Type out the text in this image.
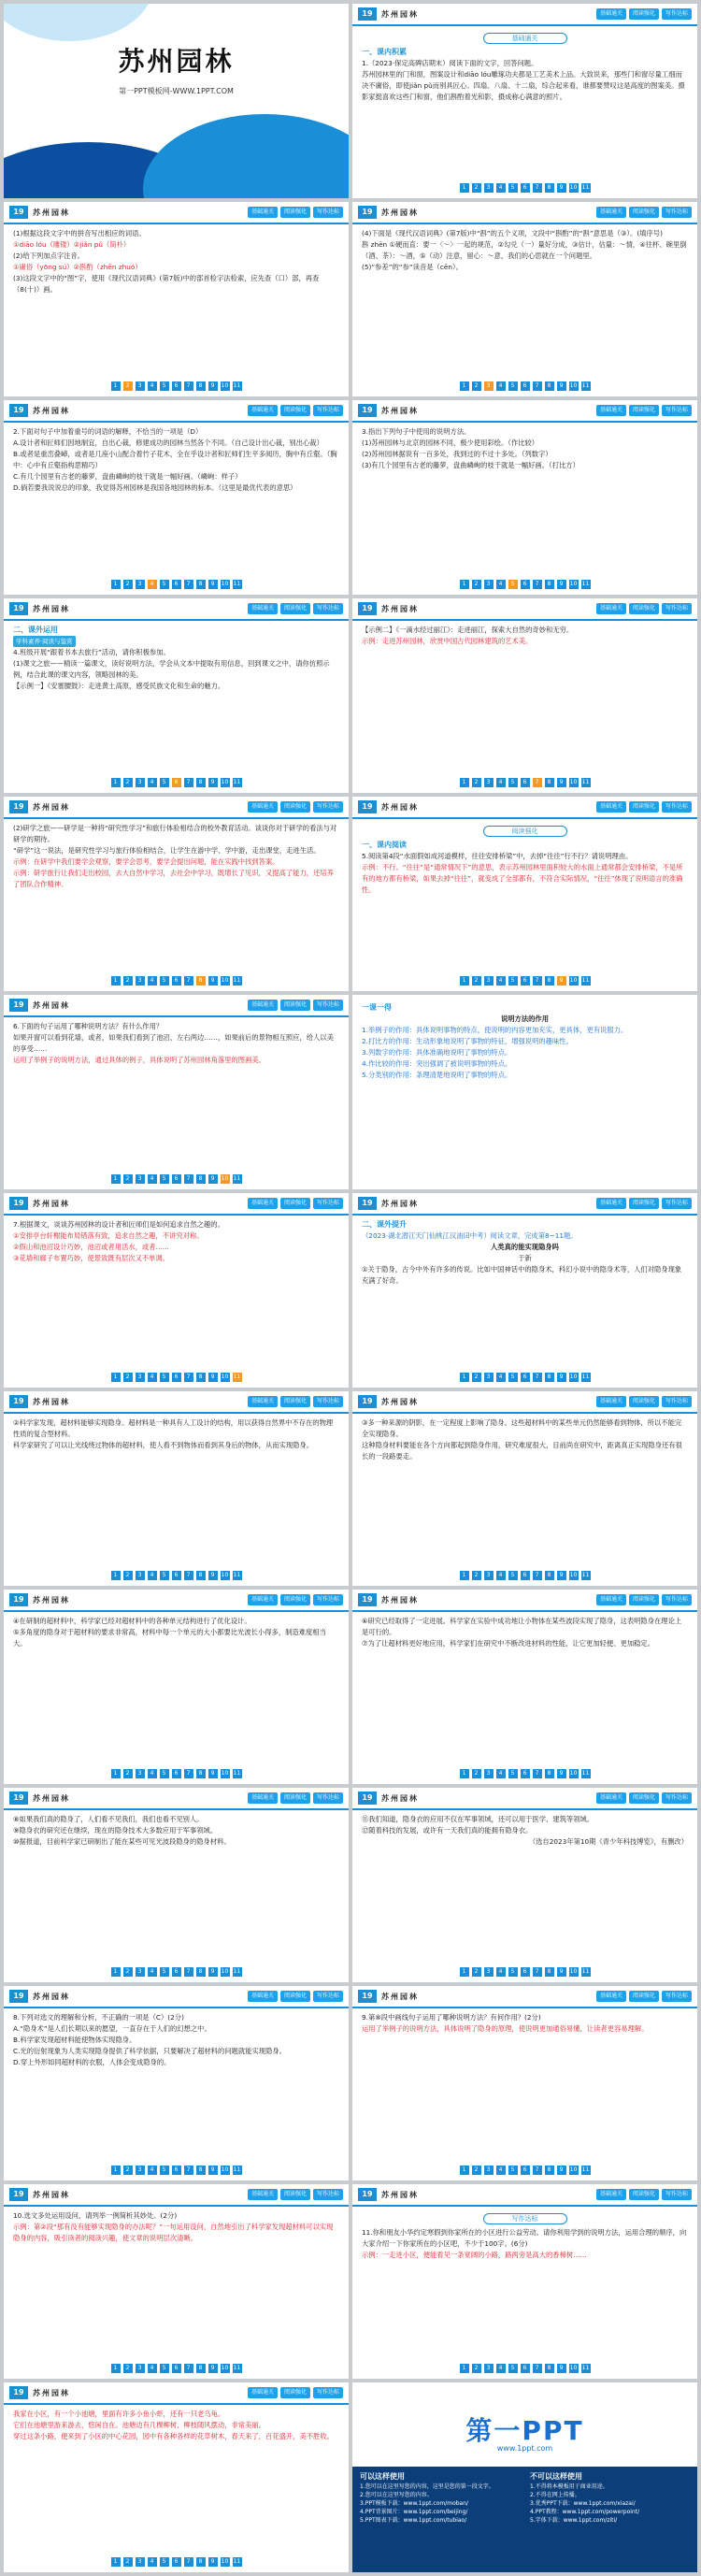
苏州园林
第一PPT模板网-WWW.1PPT.COM
19	苏州园林	基础通关	阅读强化	写作达标
基础通关

一、课内积累

1.（2023·保定高碑店期末）阅读下面的文字，回答问题。

苏州园林里的门和窗，图案设计和diāo lóu雕琢功夫都是工艺美术上品。大致说来，那些门和窗尽量工细而决不庸俗，即使jiǎn pǔ而别具匠心。四扇、八扇、十二扇，综合起来看，谁都要赞叹这是高度的图案美。摄影家挺喜欢这些门和窗，他们斟酌着光和影，摄成称心满意的照片。

1	2	3	4	5	6	7	8	9	10 11
19	苏州园林	基础通关	阅读强化	写作达标

(1)根据这段文字中的拼音写出相应的词语。

①diāo lóu（雕镂）②jiǎn pǔ（简朴）

(2)给下列加点字注音。

①庸俗（yōng sú）②斟酌（zhēn zhuó）

(3)这段文字中的“图”字，使用《现代汉语词典》(第7版)中的部首检字法检索，应先查（口）部，再查（8(十)）画。

1	2	3	4	5	6	7	8	9	10 11
19	苏州园林	基础通关	阅读强化	写作达标

(4)下面是《现代汉语词典》(第7版)中“斟”的五个义项，文段中“斟酌”的“斟”意思是（③）。(填序号)

斟 zhēn ①硬而直：要一〈～〉一起的规范，②勾兑（一）量好分成，③估计，估量：～情，④往杯、碗里倒（酒、茶）：～酒，⑤（动）注意，留心：～意，我们的心思就在一个问题里。

(5)“参差”的“参”读音是（cēn）。

1	2	3	4	5	6	7	8	9	10 11
19	苏州园林	基础通关	阅读强化	写作达标

2.下面对句子中加着重号的词语的解释，不恰当的一项是（D）

A.设计者和匠师们因地制宜，自出心裁，修建成功的园林当然各个不同。（自己设计出心裁，别出心裁）

B.或者是重峦叠嶂，或者是几座小山配合着竹子花木，全在乎设计者和匠师们生平多阅历，胸中有丘壑。（胸中：心中有丘壑指构思精巧）

C.有几个园里有古老的藤萝，盘曲嶙峋的枝干就是一幅好画。（嶙峋：样子）

D.倘若要我说说总的印象，我觉得苏州园林是我国各地园林的标本。（这里是最优代表的意思）

1	2	3	4	5	6	7	8	9	10 11
19	苏州园林	基础通关	阅读强化	写作达标

3.指出下列句子中使用的说明方法。

(1)苏州园林与北京的园林不同，极少使用彩绘。（作比较）

(2)苏州园林据说有一百多处，我到过的不过十多处。（列数字）

(3)有几个园里有古老的藤萝，盘曲嶙峋的枝干就是一幅好画。（打比方）

1	2	3	4	5	6	7	8	9	10 11
19	苏州园林	基础通关	阅读强化	写作达标

二、课外运用

学科素养·阅读与鉴赏

4.班级开展“跟着书本去旅行”活动，请你积极参加。

(1)课文之旅——精读一篇课文，读好说明方法，学会从文本中提取有用信息，回到课文之中，请你仿照示例，结合此课的课文内容，领略园林的美。

【示例一】《安塞腰鼓》：走进黄土高原，感受民族文化和生命的魅力。

1	2	3	4	5	6	7	8	9	10 11
19	苏州园林	基础通关	阅读强化	写作达标

【示例二】《一滴水经过丽江》：走进丽江，探索大自然的奇妙和无穷。

示例：走进苏州园林，欣赏中国古代园林建筑的艺术美。

1	2	3	4	5	6	7	8	9	10 11
19	苏州园林	基础通关	阅读强化	写作达标

(2)研学之旅——研学是一种将“研究性学习”和旅行体验相结合的校外教育活动。谈谈你对于研学的看法与对研学的期待。

“研学”这一说法，是研究性学习与旅行体验相结合，让学生在游中学、学中游，走出课堂，走进生活。

示例：在研学中我们要学会观察，要学会思考，要学会提出问题，能在实践中找到答案。

示例：研学旅行让我们走出校园，去大自然中学习，去社会中学习，既增长了见识，又提高了能力，还培养了团队合作精神。

1	2	3	4	5	6	7	8	9	10 11
19	苏州园林	基础通关	阅读强化	写作达标
阅读强化

一、课内阅读

5.阅读第4段“水面假如成河道模样，往往安排桥梁”中，去掉“往往”行不行？请说明理由。

示例：不行。“往往”是“通常情况下”的意思，表示苏州园林里面积较大的水面上通常都会安排桥梁，不是所有的地方都有桥梁，如果去掉“往往”，就变成了全部都有，不符合实际情况，“往往”体现了说明语言的准确性。

1	2	3	4	5	6	7	8	9	10 11
19	苏州园林	基础通关	阅读强化	写作达标

6.下面的句子运用了哪种说明方法？有什么作用？

如果开窗可以看到花墙，或者，如果我们看到了池沼，左右两边……，如果前后的景物相互照应，给人以美的享受……

运用了举例子的说明方法，通过具体的例子，具体说明了苏州园林角落里的图画美。

1	2	3	4	5	6	7	8	9	10 11

一课一得

说明方法的作用

1.举例子的作用：具体说明事物的特点，使说明的内容更加充实，更具体，更有说服力。

2.打比方的作用：生动形象地说明了事物的特征，增强说明的趣味性。

3.列数字的作用：具体准确地说明了事物的特点。

4.作比较的作用：突出强调了被说明事物的特点。

5.分类别的作用：条理清楚地说明了事物的特点。

19	苏州园林	基础通关	阅读强化	写作达标

7.根据课文，谈谈苏州园林的设计者和匠师们是如何追求自然之趣的。

①安排亭台轩榭能布局错落有致，追求自然之趣，不讲究对称。

②假山和池沼设计巧妙，池沼或者用活水，或者……

③花墙和廊子布置巧妙，使景致既有层次又不单调。

1	2	3	4	5	6	7	8	9	10 11
19	苏州园林	基础通关	阅读强化	写作达标

二、课外提升

（2023·湖北潜江天门仙桃江汉油田中考）阅读文章，完成第8~11题。

人类真的能实现隐身吗

于新

①关于隐身，古今中外有许多的传说。比如中国神话中的隐身术，科幻小说中的隐身术等，人们对隐身现象充满了好奇。

1	2	3	4	5	6	7	8	9	10 11
19	苏州园林	基础通关	阅读强化	写作达标

②科学家发现，超材料能够实现隐身。超材料是一种具有人工设计的结构，用以获得自然界中不存在的物理性质的复合型材料。

科学家研究了可以让光线绕过物体的超材料，使人看不到物体而看到其身后的物体，从而实现隐身。

1	2	3	4	5	6	7	8	9	10 11
19	苏州园林	基础通关	阅读强化	写作达标

③多一种来源的阴影，在一定程度上影响了隐身。这些超材料中的某些单元仍然能够看到物体，所以不能完全实现隐身。

这种隐身材料要能在各个方向都起到隐身作用，研究难度很大，目前尚在研究中，距离真正实现隐身还有很长的一段路要走。

1	2	3	4	5	6	7	8	9	10 11
19	苏州园林	基础通关	阅读强化	写作达标

④在研制的超材料中，科学家已经对超材料中的各种单元结构进行了优化设计。

⑤多角度的隐身对于超材料的要求非常高，材料中每一个单元的大小都要比光波长小得多，制造难度相当大。

1	2	3	4	5	6	7	8	9	10 11
19	苏州园林	基础通关	阅读强化	写作达标

⑥研究已经取得了一定进展。科学家在实验中成功地让小物体在某些波段实现了隐身，这表明隐身在理论上是可行的。

⑦为了让超材料更好地应用，科学家们在研究中不断改进材料的性能，让它更加轻便、更加稳定。

1	2	3	4	5	6	7	8	9	10 11
19	苏州园林	基础通关	阅读强化	写作达标

⑧如果我们真的隐身了，人们看不见我们，我们也看不见别人。

⑨隐身衣的研究还在继续，现在的隐身技术大多数应用于军事领域。

⑩据报道，目前科学家已研制出了能在某些可见光波段隐身的隐身材料。

1	2	3	4	5	6	7	8	9	10 11
19	苏州园林	基础通关	阅读强化	写作达标

⑪我们知道，隐身衣的应用不仅在军事领域，还可以用于医学、建筑等领域。

⑫随着科技的发展，或许有一天我们真的能拥有隐身衣。

（选自2023年第10期《青少年科技博览》，有删改）

1	2	3	4	5	6	7	8	9	10 11
19	苏州园林	基础通关	阅读强化	写作达标

8.下列对选文的理解和分析，不正确的一项是（C）(2分)

A.“隐身术”是人们长期以来的愿望，一直存在于人们的幻想之中。

B.科学家发现超材料能使物体实现隐身。

C.光的衍射现象为人类实现隐身提供了科学依据，只要解决了超材料的问题就能实现隐身。

D.穿上外形如同超材料的衣服，人体会变成隐身的。

1	2	3	4	5	6	7	8	9	10 11
19	苏州园林	基础通关	阅读强化	写作达标

9.第⑧段中画线句子运用了哪种说明方法？有何作用？(2分)

运用了举例子的说明方法，具体说明了隐身的原理，使说明更加通俗易懂，让读者更容易理解。

1	2	3	4	5	6	7	8	9	10 11
19	苏州园林	基础通关	阅读强化	写作达标

10.选文多处运用设问，请列举一例简析其妙处。(2分)

示例：第②段“那有没有能够实现隐身的办法呢？”一句运用设问，自然地引出了科学家发现超材料可以实现隐身的内容，吸引读者的阅读兴趣，使文章的说明层次清晰。

1	2	3	4	5	6	7	8	9	10 11
19	苏州园林	基础通关	阅读强化	写作达标
写作达标

11.你和朋友小华约定寒假到你家所在的小区进行公益劳动。请你利用学到的说明方法，运用合理的顺序，向大家介绍一下你家所在的小区吧，不少于100字。(6分)

示例：一走进小区，便能看见一条宽阔的小路，路两旁是高大的香樟树……

1	2	3	4	5	6	7	8	9	10 11
19	苏州园林	基础通关	阅读强化	写作达标

我家在小区，有一个小池塘，里面有许多小鱼小虾，还有一只老乌龟。

它们在池塘里游来游去，悠闲自在。池塘边有几棵柳树，柳枝随风摆动，非常美丽。

穿过这条小路，便来到了小区的中心花园，园中有各种各样的花草树木，春天来了，百花盛开，美不胜收。

1	2	3	4	5	6	7	8	9	10 11
第一PPT
www.1ppt.com
可以这样使用
1.您可以在这里写您的内容，这里是您的第一段文字。
2.您可以在这里写您的内容。
3.PPT模板下载：www.1ppt.com/moban/
4.PPT背景图片：www.1ppt.com/beijing/
5.PPT图表下载：www.1ppt.com/tubiao/
不可以这样使用
1.不得将本模板用于商业用途。
2.不得在网上传播。
3.优秀PPT下载：www.1ppt.com/xiazai/
4.PPT教程：www.1ppt.com/powerpoint/
5.字体下载：www.1ppt.com/ziti/
